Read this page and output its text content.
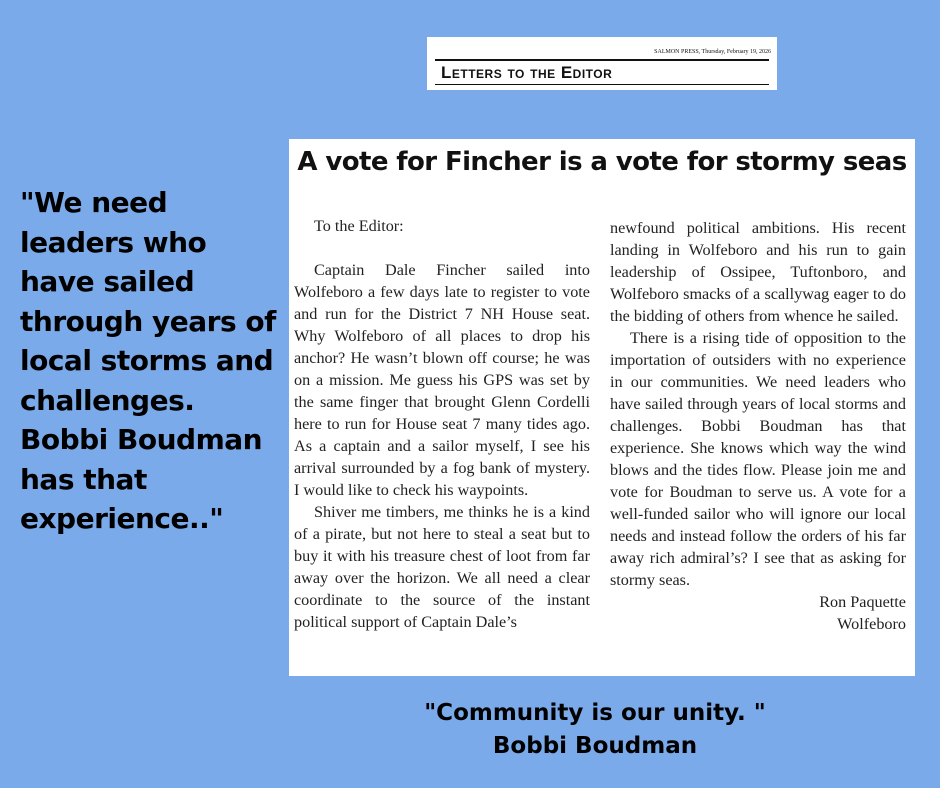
SALMON PRESS, Thursday, February 19, 2026
Letters to the Editor
"We need leaders who have sailed through years of local storms and challenges. Bobbi Boudman has that experience.."
A vote for Fincher is a vote for stormy seas

To the Editor:

Captain Dale Fincher sailed into Wolfeboro a few days late to register to vote and run for the District 7 NH House seat. Why Wolfeboro of all places to drop his anchor? He wasn’t blown off course; he was on a mission. Me guess his GPS was set by the same finger that brought Glenn Cordelli here to run for House seat 7 many tides ago. As a captain and a sailor myself, I see his arrival surrounded by a fog bank of mystery. I would like to check his waypoints.

Shiver me timbers, me thinks he is a kind of a pirate, but not here to steal a seat but to buy it with his treasure chest of loot from far away over the horizon. We all need a clear coordinate to the source of the instant political support of Captain Dale’s

newfound political ambitions. His recent landing in Wolfeboro and his run to gain leadership of Ossipee, Tuftonboro, and Wolfeboro smacks of a scallywag eager to do the bidding of others from whence he sailed.

There is a rising tide of opposition to the importation of outsiders with no experience in our communities. We need leaders who have sailed through years of local storms and challenges. Bobbi Boudman has that experience. She knows which way the wind blows and the tides flow. Please join me and vote for Boudman to serve us. A vote for a well-funded sailor who will ignore our local needs and instead follow the orders of his far away rich admiral’s? I see that as asking for stormy seas.

Ron Paquette

Wolfeboro

"Community is our unity. "
Bobbi Boudman
